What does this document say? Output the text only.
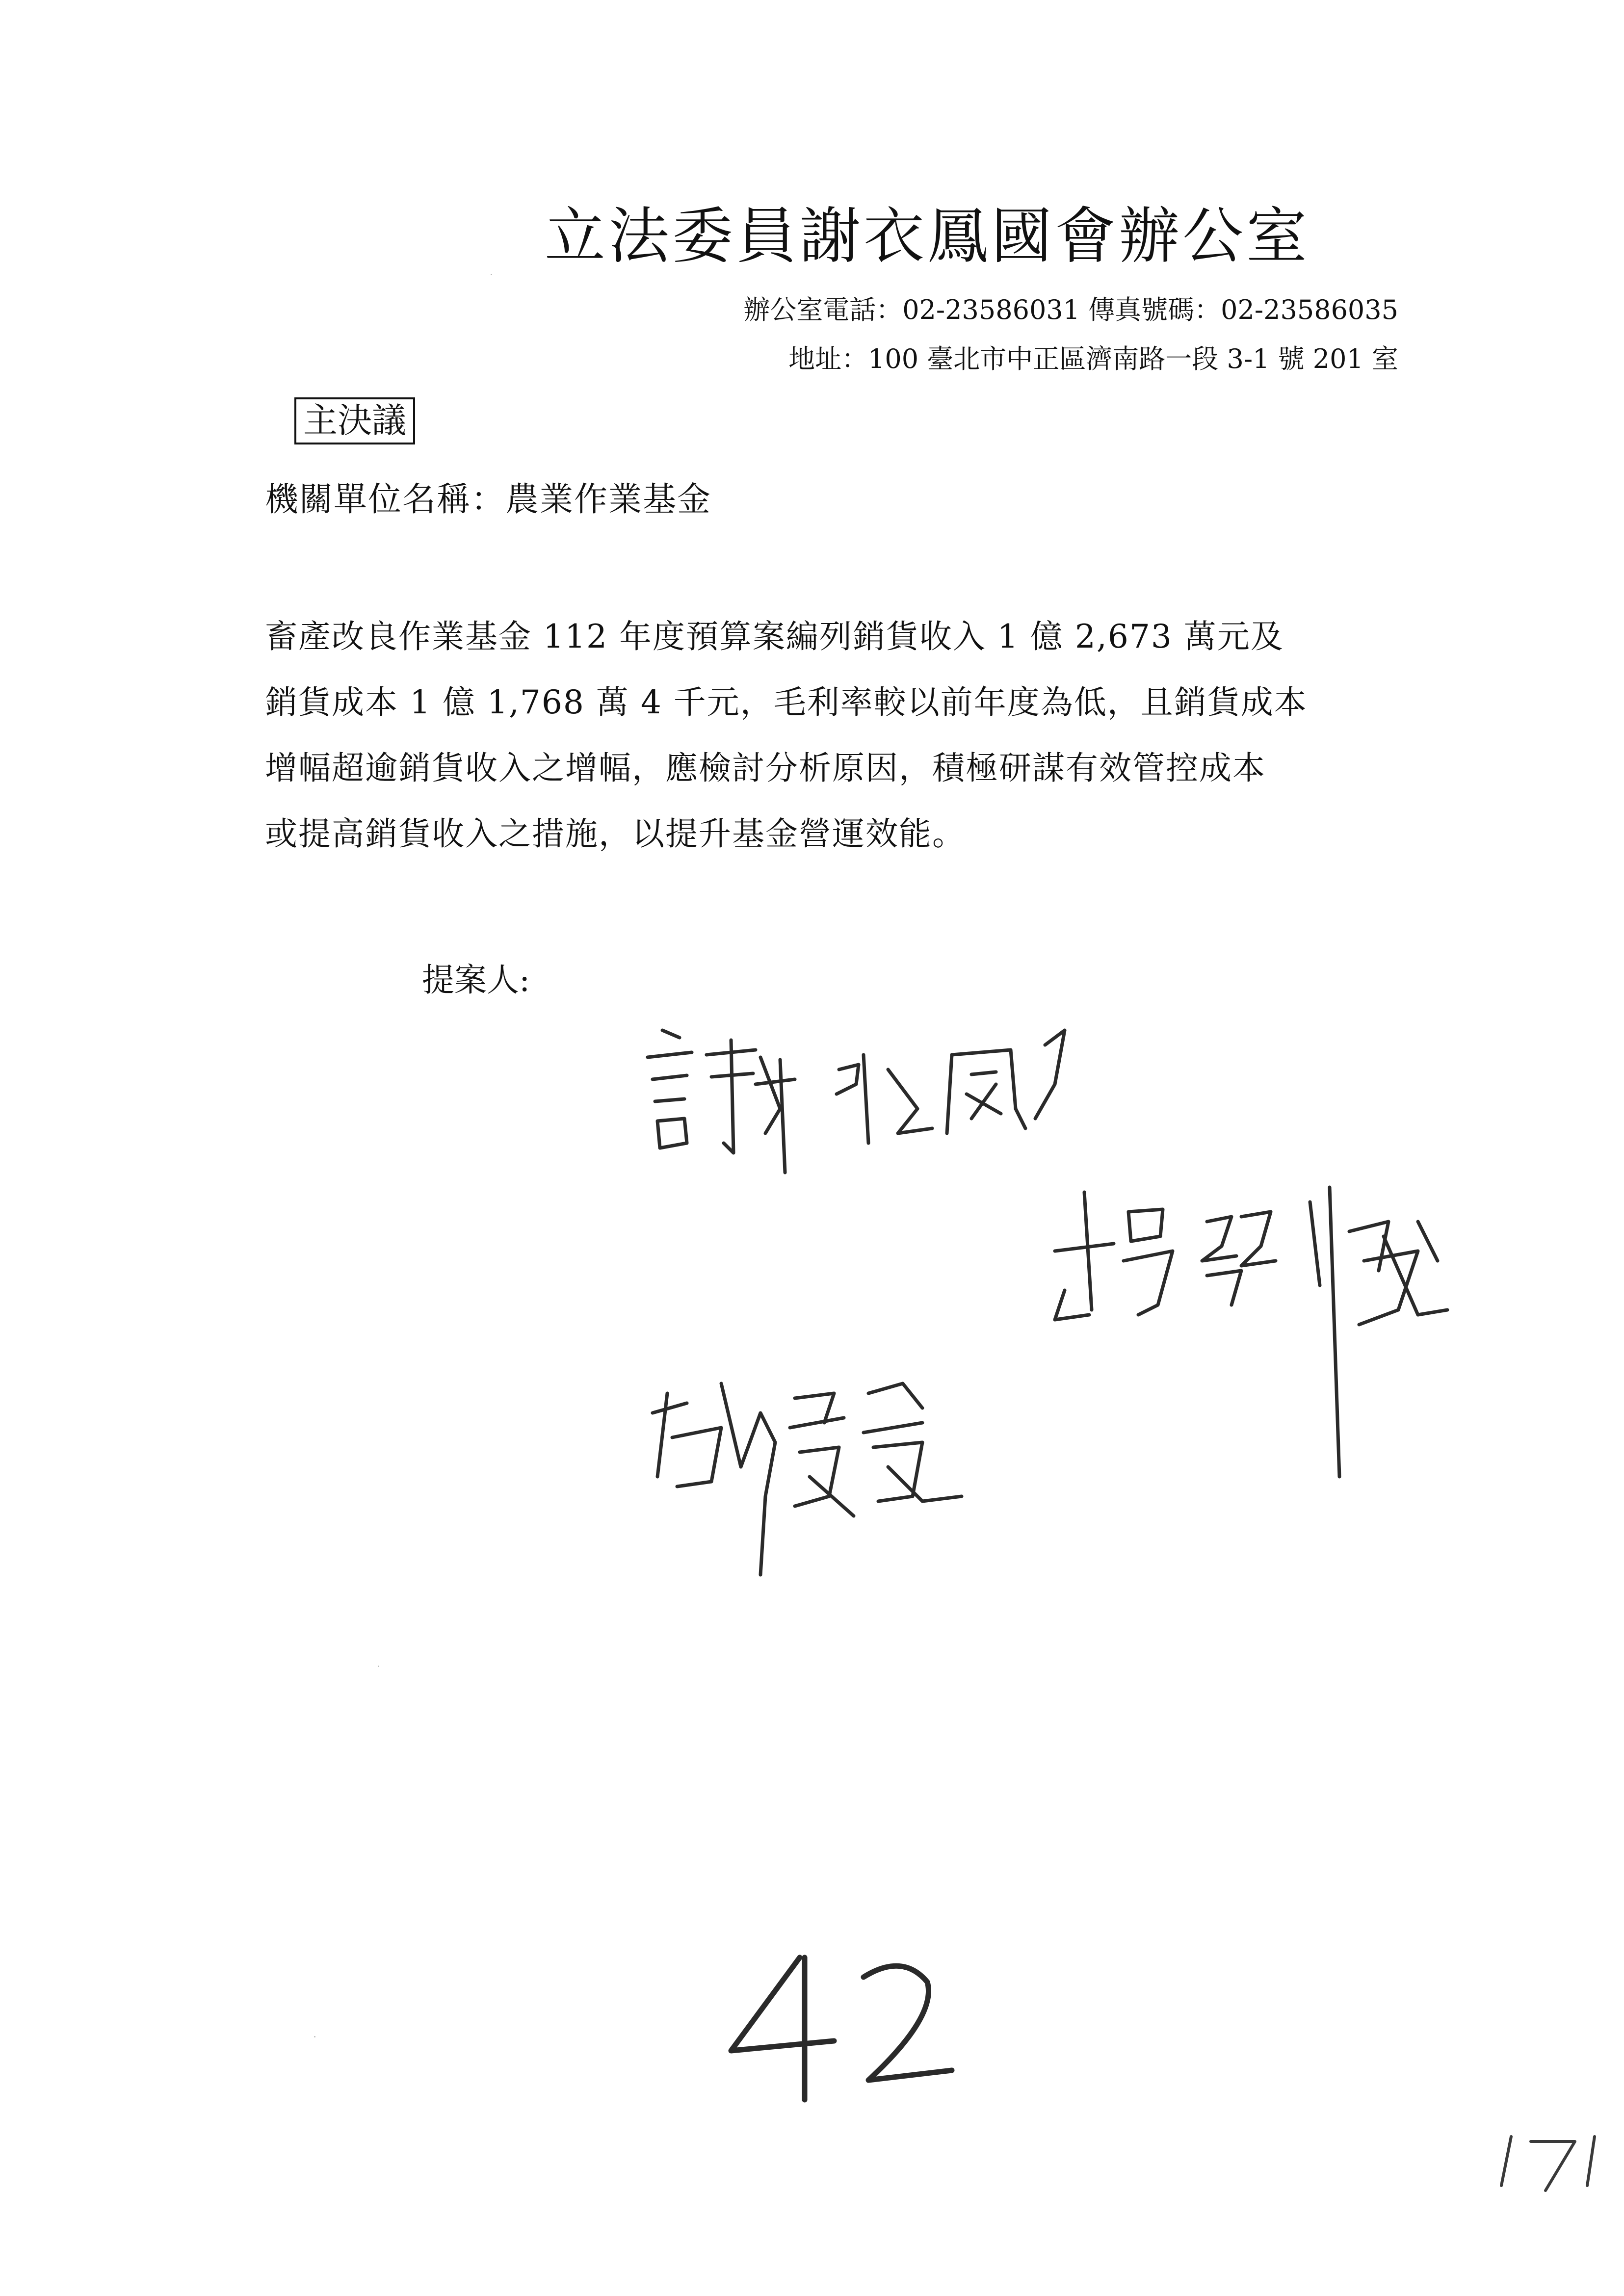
立法委員謝衣鳳國會辦公室
辦公室電話：02-23586031 傳真號碼：02-23586035
地址：100 臺北市中正區濟南路一段 3-1 號 201 室
主決議
機關單位名稱：農業作業基金
畜產改良作業基金 112 年度預算案編列銷貨收入 1 億 2,673 萬元及
銷貨成本 1 億 1,768 萬 4 千元，毛利率較以前年度為低，且銷貨成本
增幅超逾銷貨收入之增幅，應檢討分析原因，積極研謀有效管控成本
或提高銷貨收入之措施，以提升基金營運效能。
提案人:
